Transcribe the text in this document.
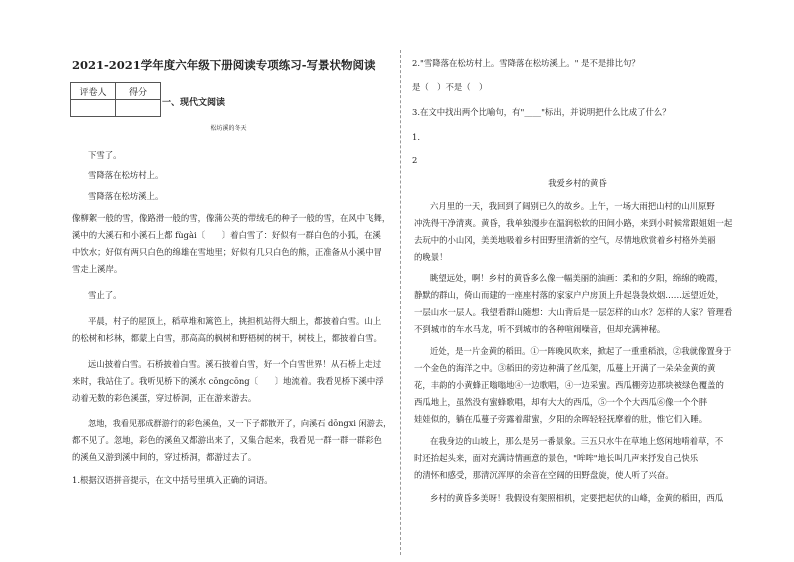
2021-2021学年度六年级下册阅读专项练习-写景状物阅读
评卷人	得分

一、现代文阅读
松坊溪的冬天
下雪了。
雪降落在松坊村上。
雪降落在松坊溪上。
像柳絮一般的雪，像路滑一般的雪，像蒲公英的带绒毛的种子一般的雪，在风中飞舞，
溪中的大溪石和小溪石上都 fùgài〔　　〕着白雪了：好似有一群白色的小狐，在溪
中饮水；好似有两只白色的绵雄在雪地里；好似有几只白色的熊，正准备从小溪中冒
雪走上溪岸。
雪止了。
平晨，村子的屋顶上，稻草堆和篱笆上，挑担机站得大细上，都披着白雪。山上
的松树和杉林，都蒙上白雪，那高高的枫树和野梧树的树干，树枝上，都披着白雪。
远山披着白雪。石桥披着白雪。溪石披着白雪，好一个白雪世界！从石桥上走过
来时，我站住了。我听见桥下的溪水 cōngcōng〔　　〕地流着。我看见桥下溪中浮
动着无数的彩色溪蛋，穿过桥洞，正在游来游去。
忽地，我看见那成群游行的彩色溪鱼，又一下子都散开了，向溪石 dōngxi 闲游去，
都不见了。忽地，彩色的溪鱼又都游出来了，又集合起来，我看见一群一群一群彩色
的溪鱼又游到溪中间的，穿过桥洞，都游过去了。
1.根据汉语拼音提示，在文中括号里填入正确的词语。
2."雪降落在松坊村上。雪降落在松坊溪上。" 是不是排比句？
是（　）不是（　）
3.在文中找出两个比喻句，有"____"标出，并说明把什么比成了什么？
1.
2
我爱乡村的黄昏
六月里的一天，我回到了阔别已久的故乡。上午，一场大雨把山村的山川原野
冲洗得干净清爽。黄昏，我单独漫步在温润松软的田间小路，来到小时候常跟姐姐一起
去玩中的小山冈，美美地吸着乡村田野里清新的空气，尽情地欣赏着乡村格外美丽
的晚景！
眺望远处，啊！乡村的黄昏多么像一幅美丽的油画：柔和的夕阳，绵绵的晚霞，
静默的群山，倚山而建的一座座村落的家家户户房顶上升起袅袅炊烟……远望近处，
一层山水一层人。我望看群山随想：大山背后是一层怎样的山水？怎样的人家？管理看
不到城市的车水马龙，听不到城市的各种喧闹噪音，但却充满神秘。
近处，是一片金黄的稻田。①一阵晚风吹来，掀起了一重重稻浪，②我就像置身于
一个金色的海洋之中。③稻田的旁边种满了丝瓜架，瓜蔓上开满了一朵朵金黄的黄
花，丰韵的小黄蜂正嗡嗡地④一边歌唱，④一边采蜜。西瓜棚旁边那块被绿色覆盖的
西瓜地上，虽然没有蜜蜂歌唱，却有大大的西瓜，⑤一个个大西瓜⑥像一个个胖
娃娃似的，躺在瓜蔓子旁露着甜蜜，夕阳的余晖轻轻抚摩着的肚，惟它们入睡。
在我身边的山坡上，那么是另一番景象。三五只水牛在草地上悠闲地啃着草，不
时还抬起头来，面对充满诗情画意的景色，"哞哞"地长叫几声来抒发自己快乐
的清怀和感受，那清沉浑厚的余音在空阔的田野盘旋，使人听了兴奋。
乡村的黄昏多美呀！我假设有架照相机，定要把起伏的山峰，金黄的稻田，西瓜
